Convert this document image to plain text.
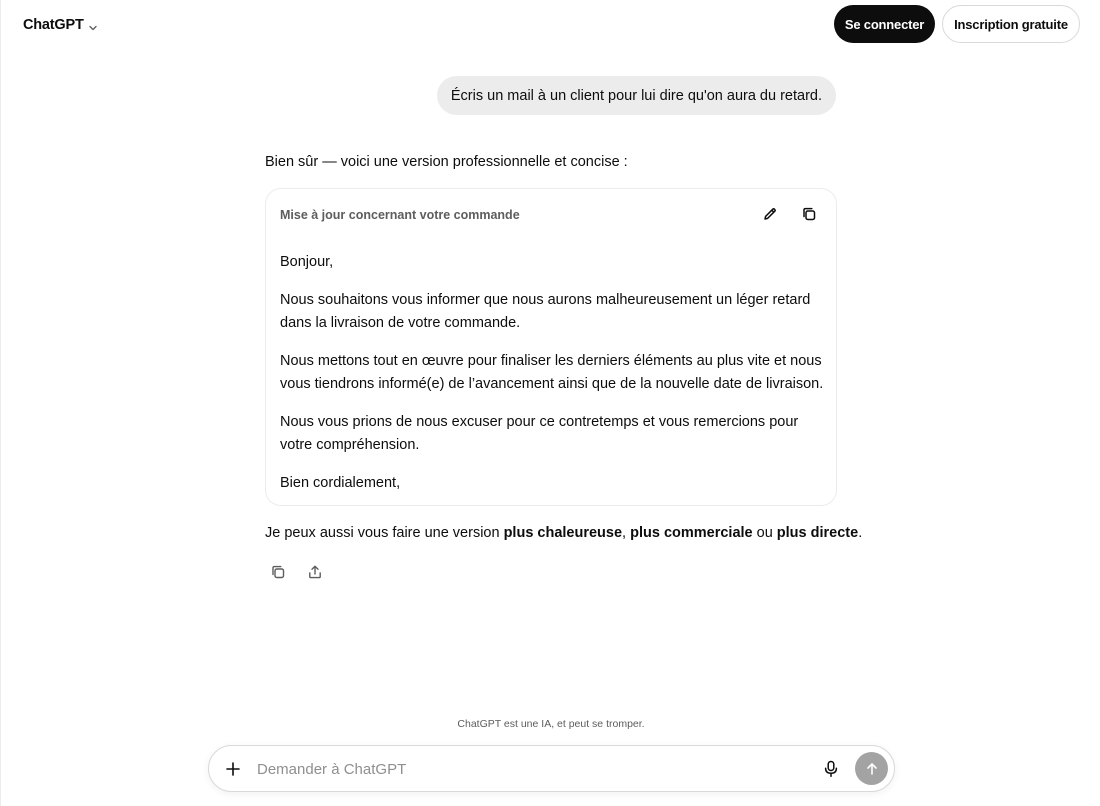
ChatGPT	Se connecter	Inscription gratuite
Écris un mail à un client pour lui dire qu'on aura du retard.
Bien sûr — voici une version professionnelle et concise :
Mise à jour concernant votre commande

Bonjour,

Nous souhaitons vous informer que nous aurons malheureusement un léger retard dans la livraison de votre commande.

Nous mettons tout en œuvre pour finaliser les derniers éléments au plus vite et nous vous tiendrons informé(e) de l’avancement ainsi que de la nouvelle date de livraison.

Nous vous prions de nous excuser pour ce contretemps et vous remercions pour votre compréhension.

Bien cordialement,

Je peux aussi vous faire une version plus chaleureuse, plus commerciale ou plus directe.
ChatGPT est une IA, et peut se tromper.
Demander à ChatGPT
